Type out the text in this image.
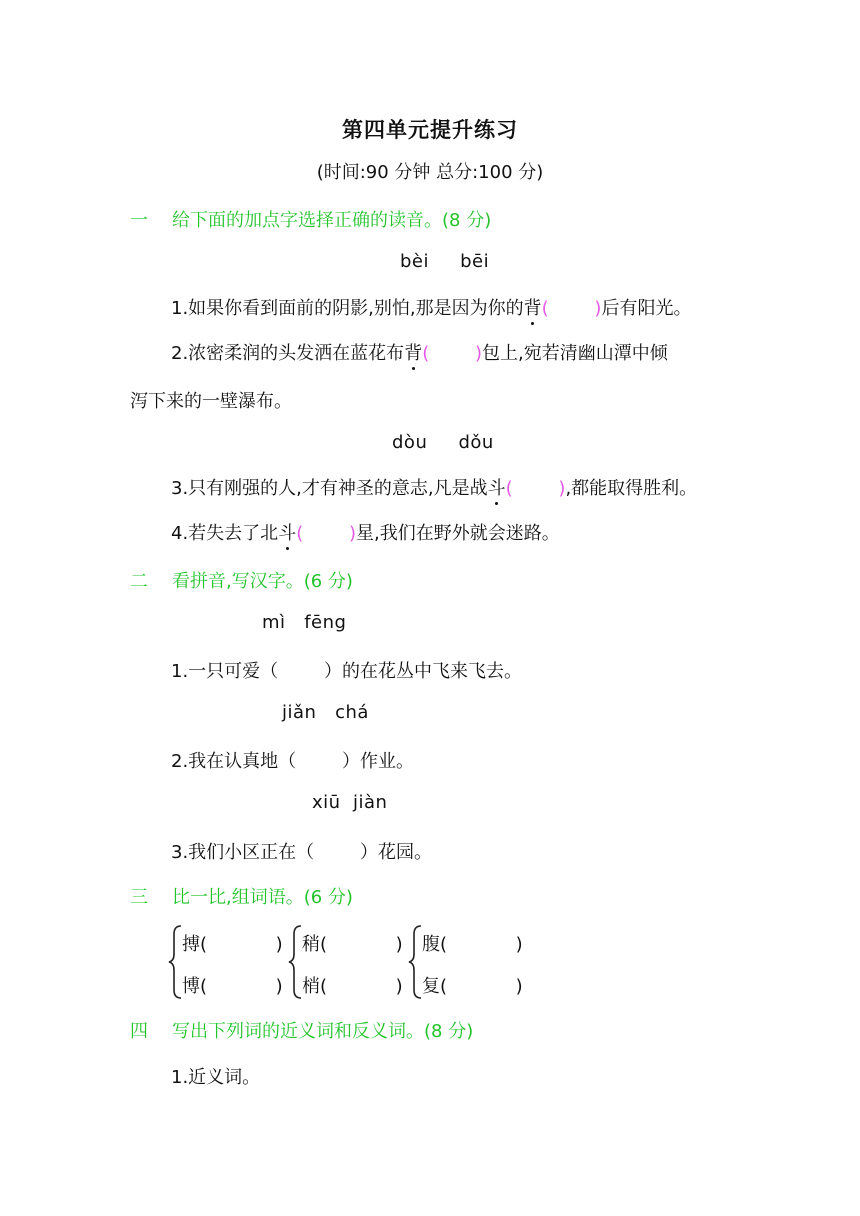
第四单元提升练习
(时间:90 分钟 总分:100 分)
一 给下面的加点字选择正确的读音。(8 分)
bèi     bēi
1.如果你看到面前的阴影,别怕,那是因为你的背(        )后有阳光。
2.浓密柔润的头发洒在蓝花布背(        )包上,宛若清幽山潭中倾
泻下来的一壁瀑布。
dòu     dǒu
3.只有刚强的人,才有神圣的意志,凡是战斗(        ),都能取得胜利。
4.若失去了北斗(        )星,我们在野外就会迷路。
二 看拼音,写汉字。(6 分)
mì   fēng
1.一只可爱（        ）的在花丛中飞来飞去。
jiǎn   chá
2.我在认真地（        ）作业。
xiū  jiàn
3.我们小区正在（        ）花园。
三 比一比,组词语。(6 分)
搏(            )
博(            )
稍(            )
梢(            )
腹(            )
复(            )
四 写出下列词的近义词和反义词。(8 分)
1.近义词。
